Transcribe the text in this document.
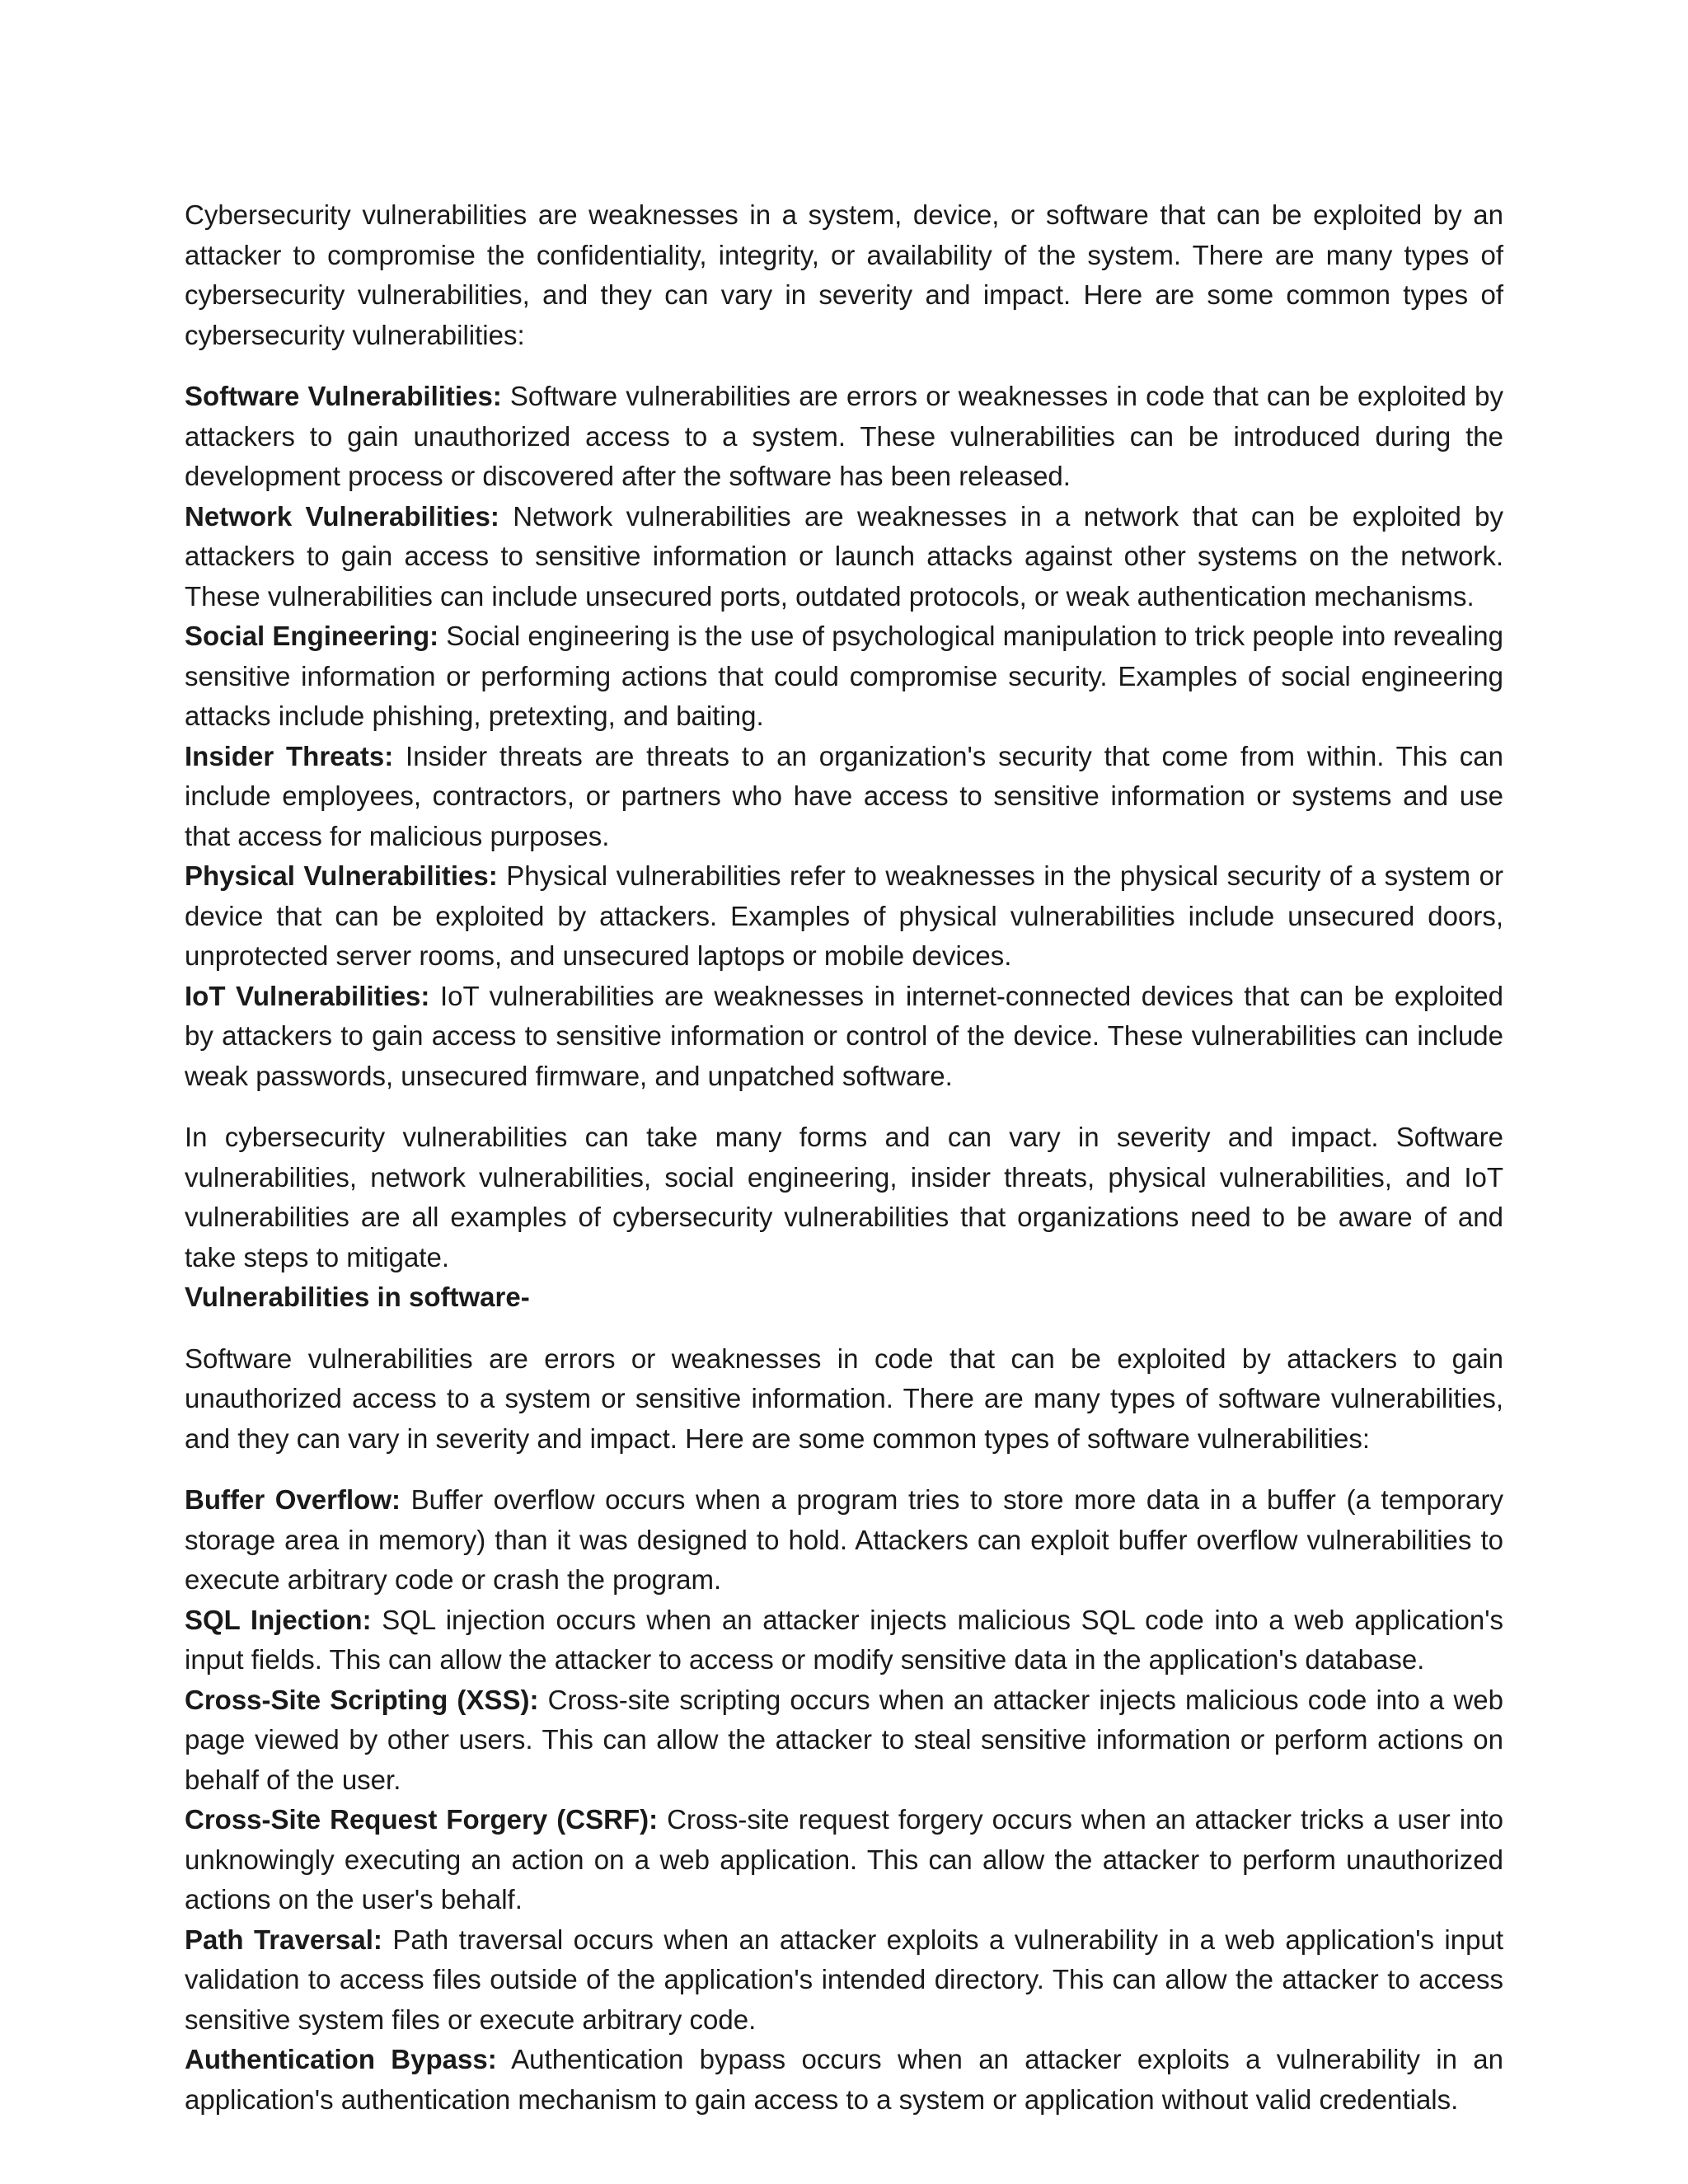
Cybersecurity vulnerabilities are weaknesses in a system, device, or software that can be exploited by an attacker to compromise the confidentiality, integrity, or availability of the system. There are many types of cybersecurity vulnerabilities, and they can vary in severity and impact. Here are some common types of cybersecurity vulnerabilities:

Software Vulnerabilities: Software vulnerabilities are errors or weaknesses in code that can be exploited by attackers to gain unauthorized access to a system. These vulnerabilities can be introduced during the development process or discovered after the software has been released.

Network Vulnerabilities: Network vulnerabilities are weaknesses in a network that can be exploited by attackers to gain access to sensitive information or launch attacks against other systems on the network. These vulnerabilities can include unsecured ports, outdated protocols, or weak authentication mechanisms.

Social Engineering: Social engineering is the use of psychological manipulation to trick people into revealing sensitive information or performing actions that could compromise security. Examples of social engineering attacks include phishing, pretexting, and baiting.

Insider Threats: Insider threats are threats to an organization's security that come from within. This can include employees, contractors, or partners who have access to sensitive information or systems and use that access for malicious purposes.

Physical Vulnerabilities: Physical vulnerabilities refer to weaknesses in the physical security of a system or device that can be exploited by attackers. Examples of physical vulnerabilities include unsecured doors, unprotected server rooms, and unsecured laptops or mobile devices.

IoT Vulnerabilities: IoT vulnerabilities are weaknesses in internet-connected devices that can be exploited by attackers to gain access to sensitive information or control of the device. These vulnerabilities can include weak passwords, unsecured firmware, and unpatched software.

In cybersecurity vulnerabilities can take many forms and can vary in severity and impact. Software vulnerabilities, network vulnerabilities, social engineering, insider threats, physical vulnerabilities, and IoT vulnerabilities are all examples of cybersecurity vulnerabilities that organizations need to be aware of and take steps to mitigate.

Vulnerabilities in software-

Software vulnerabilities are errors or weaknesses in code that can be exploited by attackers to gain unauthorized access to a system or sensitive information. There are many types of software vulnerabilities, and they can vary in severity and impact. Here are some common types of software vulnerabilities:

Buffer Overflow: Buffer overflow occurs when a program tries to store more data in a buffer (a temporary storage area in memory) than it was designed to hold. Attackers can exploit buffer overflow vulnerabilities to execute arbitrary code or crash the program.

SQL Injection: SQL injection occurs when an attacker injects malicious SQL code into a web application's input fields. This can allow the attacker to access or modify sensitive data in the application's database.

Cross-Site Scripting (XSS): Cross-site scripting occurs when an attacker injects malicious code into a web page viewed by other users. This can allow the attacker to steal sensitive information or perform actions on behalf of the user.

Cross-Site Request Forgery (CSRF): Cross-site request forgery occurs when an attacker tricks a user into unknowingly executing an action on a web application. This can allow the attacker to perform unauthorized actions on the user's behalf.

Path Traversal: Path traversal occurs when an attacker exploits a vulnerability in a web application's input validation to access files outside of the application's intended directory. This can allow the attacker to access sensitive system files or execute arbitrary code.

Authentication Bypass: Authentication bypass occurs when an attacker exploits a vulnerability in an application's authentication mechanism to gain access to a system or application without valid credentials.
